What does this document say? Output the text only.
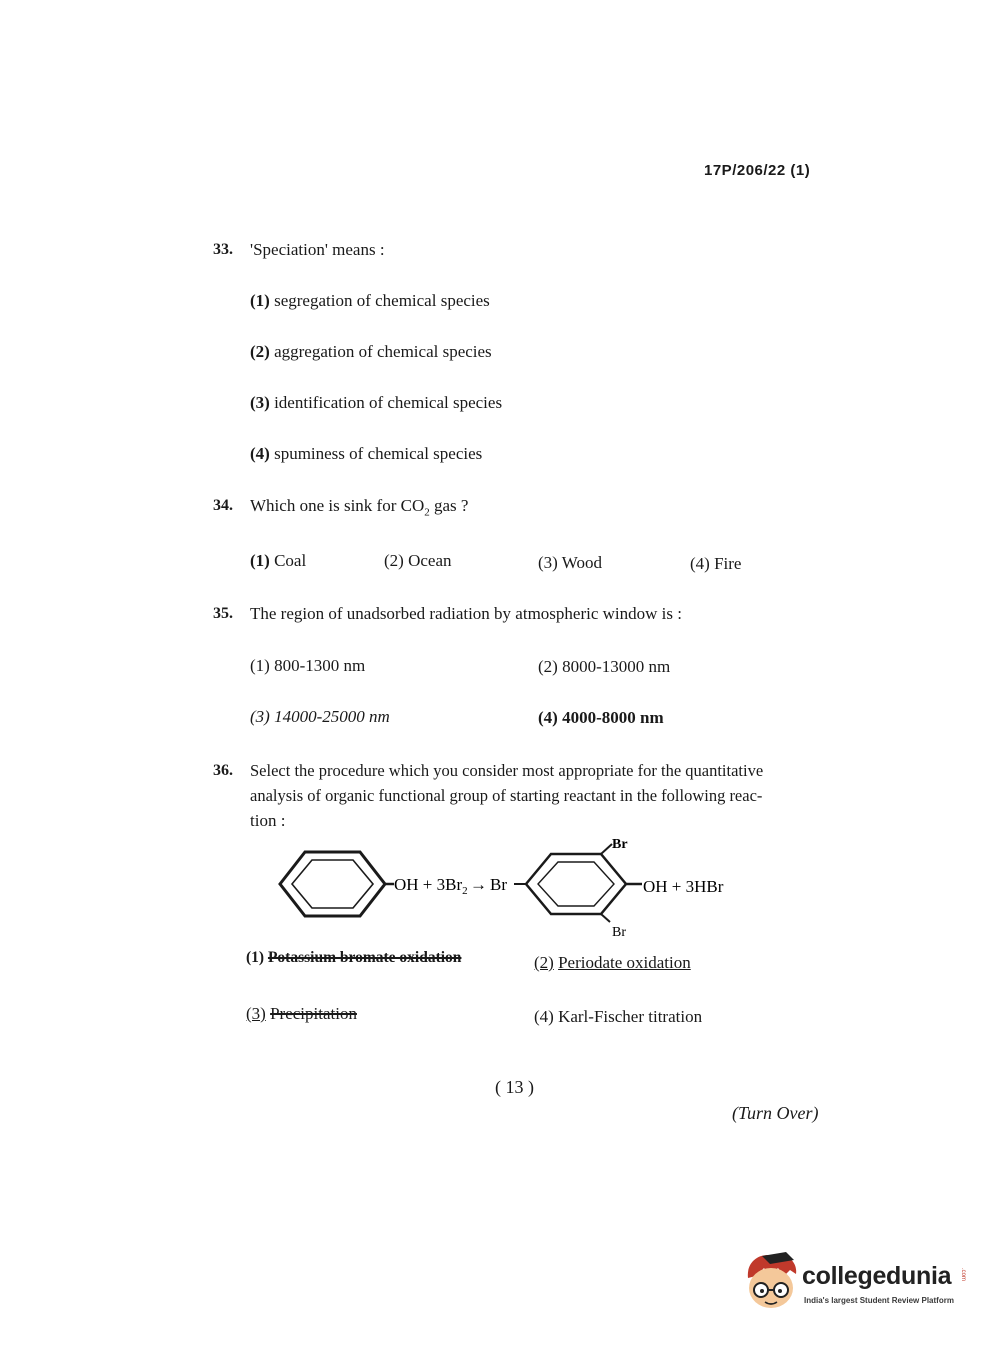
17P/206/22 (1)
33. 'Speciation' means :
(1) segregation of chemical species
(2) aggregation of chemical species
(3) identification of chemical species
(4) spuminess of chemical species
34. Which one is sink for $CO_2$ gas ?
(1) Coal	(2) Ocean	(3) Wood	(4) Fire
35. The region of unadsorbed radiation by atmospheric window is :
(1) 800-1300 nm	(2) 8000-13000 nm
(3) 14000-25000 nm	(4) 4000-8000 nm
36. Select the procedure which you consider most appropriate for the quantitative
analysis of organic functional group of starting reactant in the following reac-
tion :
OH + $3Br_2 \to Br$
Br
Br
OH + 3HBr
(1) Potassium bromate oxidation	(2) Periodate oxidation
(3) Precipitation	(4) Karl-Fischer titration
( 13 )
(Turn Over)
collegedunia .com
India's largest Student Review Platform
